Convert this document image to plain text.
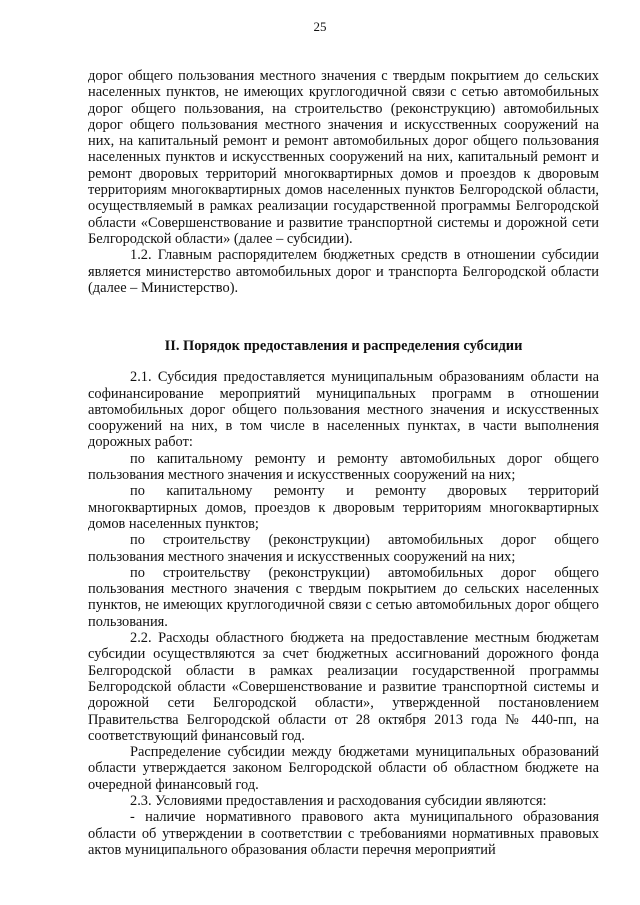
25

дорог общего пользования местного значения с твердым покрытием до сельских населенных пунктов, не имеющих круглогодичной связи с сетью автомобильных дорог общего пользования, на строительство (реконструкцию) автомобильных дорог общего пользования местного значения и искусственных сооружений на них, на капитальный ремонт и ремонт автомобильных дорог общего пользования населенных пунктов и искусственных сооружений на них, капитальный ремонт и ремонт дворовых территорий многоквартирных домов и проездов к дворовым территориям многоквартирных домов населенных пунктов Белгородской области, осуществляемый в рамках реализации государственной программы Белгородской области «Совершенствование и развитие транспортной системы и дорожной сети Белгородской области» (далее – субсидии).

1.2. Главным распорядителем бюджетных средств в отношении субсидии является министерство автомобильных дорог и транспорта Белгородской области (далее – Министерство).

II. Порядок предоставления и распределения субсидии

2.1. Субсидия предоставляется муниципальным образованиям области на софинансирование мероприятий муниципальных программ в отношении автомобильных дорог общего пользования местного значения и искусственных сооружений на них, в том числе в населенных пунктах, в части выполнения дорожных работ:

по капитальному ремонту и ремонту автомобильных дорог общего пользования местного значения и искусственных сооружений на них;

по капитальному ремонту и ремонту дворовых территорий многоквартирных домов, проездов к дворовым территориям многоквартирных домов населенных пунктов;

по строительству (реконструкции) автомобильных дорог общего пользования местного значения и искусственных сооружений на них;

по строительству (реконструкции) автомобильных дорог общего пользования местного значения с твердым покрытием до сельских населенных пунктов, не имеющих круглогодичной связи с сетью автомобильных дорог общего пользования.

2.2. Расходы областного бюджета на предоставление местным бюджетам субсидии осуществляются за счет бюджетных ассигнований дорожного фонда Белгородской области в рамках реализации государственной программы Белгородской области «Совершенствование и развитие транспортной системы и дорожной сети Белгородской области», утвержденной постановлением Правительства Белгородской области от 28 октября 2013 года № 440-пп, на соответствующий финансовый год.

Распределение субсидии между бюджетами муниципальных образований области утверждается законом Белгородской области об областном бюджете на очередной финансовый год.

2.3. Условиями предоставления и расходования субсидии являются:

- наличие нормативного правового акта муниципального образования области об утверждении в соответствии с требованиями нормативных правовых актов муниципального образования области перечня мероприятий
